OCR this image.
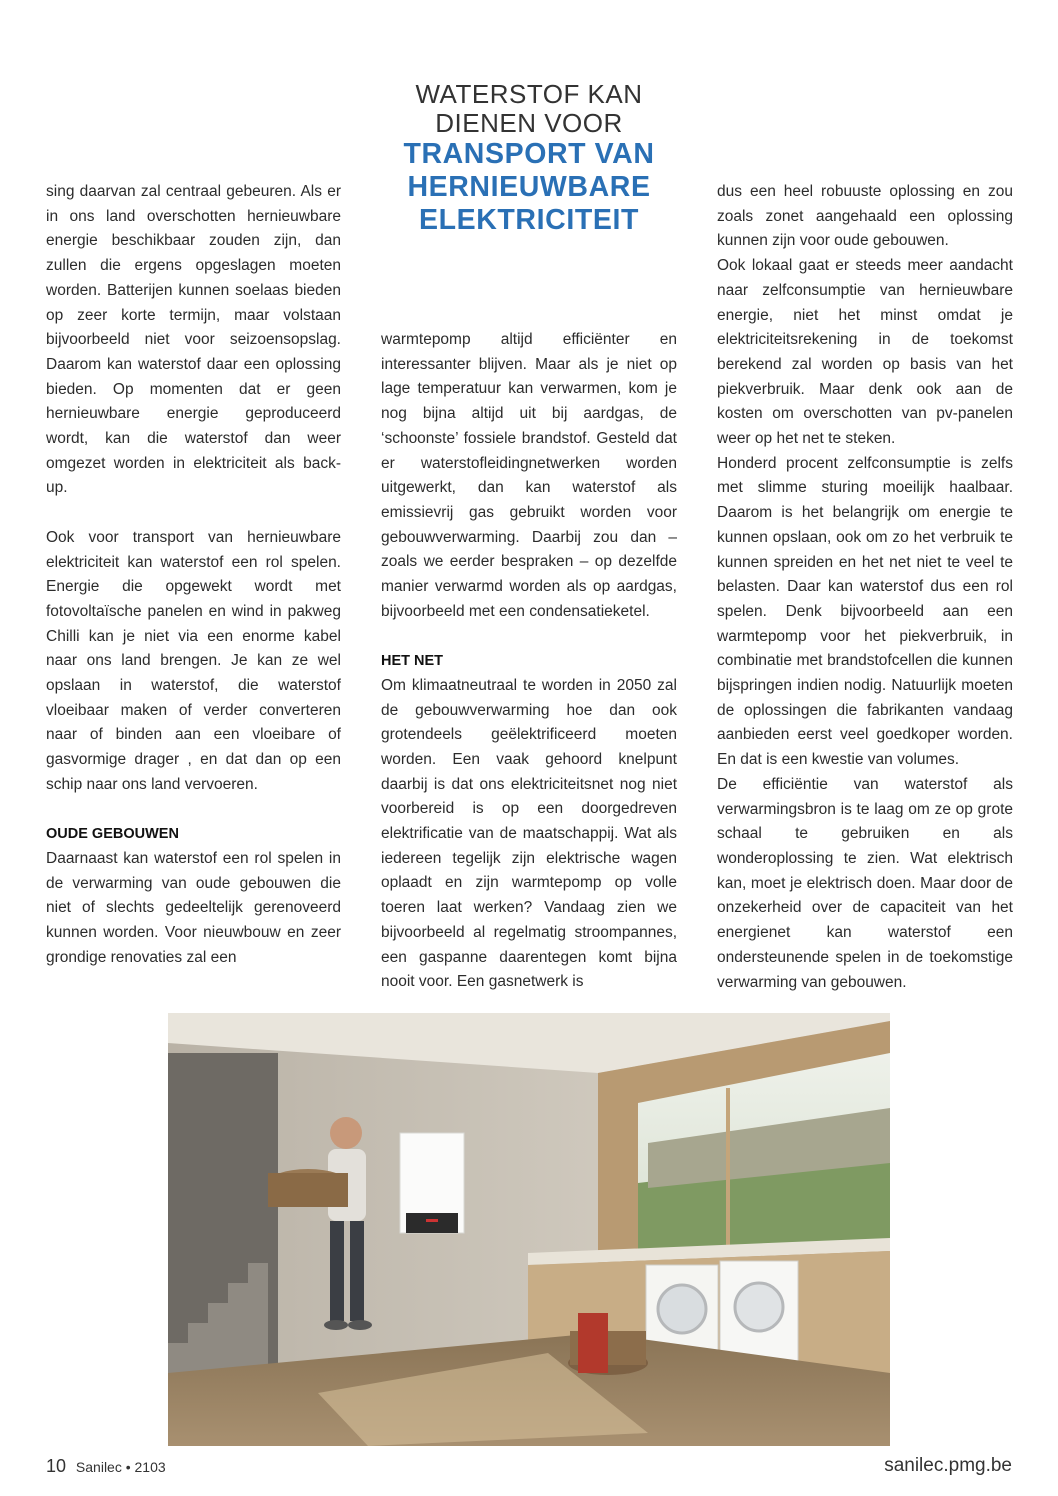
WATERSTOF KAN
DIENEN VOOR
TRANSPORT VAN
HERNIEUWBARE
ELEKTRICITEIT

sing daarvan zal centraal gebeuren. Als er in ons land overschotten hernieuwbare energie beschikbaar zouden zijn, dan zullen die ergens opgeslagen moeten worden. Batterijen kunnen soelaas bieden op zeer korte termijn, maar volstaan bijvoorbeeld niet voor seizoensopslag. Daarom kan waterstof daar een oplossing bieden. Op momenten dat er geen hernieuwbare energie geproduceerd wordt, kan die waterstof dan weer omgezet worden in elektriciteit als back-up.

Ook voor transport van hernieuwbare elektriciteit kan waterstof een rol spelen. Energie die opgewekt wordt met fotovoltaïsche panelen en wind in pakweg Chilli kan je niet via een enorme kabel naar ons land brengen. Je kan ze wel opslaan in waterstof, die waterstof vloeibaar maken of verder converteren naar of binden aan een vloeibare of gasvormige drager , en dat dan op een schip naar ons land vervoeren.

OUDE GEBOUWEN

Daarnaast kan waterstof een rol spelen in de verwarming van oude gebouwen die niet of slechts gedeeltelijk gerenoveerd kunnen worden. Voor nieuwbouw en zeer grondige renovaties zal een

warmtepomp altijd efficiënter en interessanter blijven. Maar als je niet op lage temperatuur kan verwarmen, kom je nog bijna altijd uit bij aardgas, de ‘schoonste’ fossiele brandstof. Gesteld dat er waterstofleidingnetwerken worden uitgewerkt, dan kan waterstof als emissievrij gas gebruikt worden voor gebouwverwarming. Daarbij zou dan – zoals we eerder bespraken – op dezelfde manier verwarmd worden als op aardgas, bijvoorbeeld met een condensatieketel.

HET NET

Om klimaatneutraal te worden in 2050 zal de gebouwverwarming hoe dan ook grotendeels geëlektrificeerd moeten worden. Een vaak gehoord knelpunt daarbij is dat ons elektriciteitsnet nog niet voorbereid is op een doorgedreven elektrificatie van de maatschappij. Wat als iedereen tegelijk zijn elektrische wagen oplaadt en zijn warmtepomp op volle toeren laat werken? Vandaag zien we bijvoorbeeld al regelmatig stroompannes, een gaspanne daarentegen komt bijna nooit voor. Een gasnetwerk is

dus een heel robuuste oplossing en zou zoals zonet aangehaald een oplossing kunnen zijn voor oude gebouwen.

Ook lokaal gaat er steeds meer aandacht naar zelfconsumptie van hernieuwbare energie, niet het minst omdat je elektriciteitsrekening in de toekomst berekend zal worden op basis van het piekverbruik. Maar denk ook aan de kosten om overschotten van pv-panelen weer op het net te steken.

Honderd procent zelfconsumptie is zelfs met slimme sturing moeilijk haalbaar. Daarom is het belangrijk om energie te kunnen opslaan, ook om zo het verbruik te kunnen spreiden en het net niet te veel te belasten. Daar kan waterstof dus een rol spelen. Denk bijvoorbeeld aan een warmtepomp voor het piekverbruik, in combinatie met brandstofcellen die kunnen bijspringen indien nodig. Natuurlijk moeten de oplossingen die fabrikanten vandaag aanbieden eerst veel goedkoper worden. En dat is een kwestie van volumes.

De efficiëntie van waterstof als verwarmingsbron is te laag om ze op grote schaal te gebruiken en als wonderoplossing te zien. Wat elektrisch kan, moet je elektrisch doen. Maar door de onzekerheid over de capaciteit van het energienet kan waterstof een ondersteunende spelen in de toekomstige verwarming van gebouwen.

10 Sanilec • 2103	sanilec.pmg.be
